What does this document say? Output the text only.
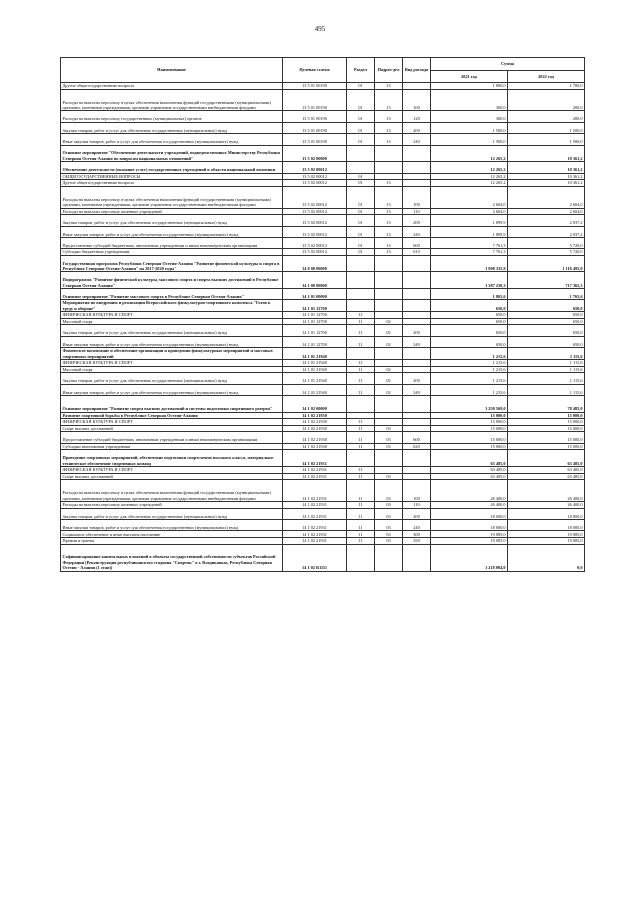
495
Наименование	Целевая статья	Раздел	Подраз-дел	Вид расхода	Сумма	
					2021 год	2022 год
Другие общегосударственные вопросы	13 5 01 00190	01	13		1 800,0	1 700,0
Расходы на выплаты персоналу в целях обеспечения выполнения функций государственными (муниципальными) органами, казенными учреждениями, органами управления государственными внебюджетными фондами	13 5 01 00190	01	13	100	300,0	200,0
Расходы на выплаты персоналу государственных (муниципальных) органов	13 5 01 00190	01	13	120	300,0	200,0
Закупка товаров, работ и услуг для обеспечения государственных (муниципальных) нужд	13 5 01 00190	01	13	200	1 500,0	1 500,0
Иные закупки товаров, работ и услуг для обеспечения государственных (муниципальных) нужд	13 5 01 00190	01	13	240	1 500,0	1 500,0
Основное мероприятие "Обеспечение деятельности учреждений, подведомственных Министерству Республики Северная Осетия-Алания по вопросам национальных отношений"	13 5 02 00000				12 265,2	10 361,2
Обеспечение деятельности (оказание услуг) государственных учреждений в области национальной политики	13 5 02 00012				12 265,2	10 361,2
ОБЩЕГОСУДАРСТВЕННЫЕ ВОПРОСЫ	13 5 02 00012	01			12 265,2	10 361,2
Другие общегосударственные вопросы	13 5 02 00012	01	13		12 265,2	10 361,2
Расходы на выплаты персоналу в целях обеспечения выполнения функций государственными (муниципальными) органами, казенными учреждениями, органами управления государственными внебюджетными фондами	13 5 02 00012	01	13	100	2 604,0	2 604,0
Расходы на выплаты персоналу казенных учреждений	13 5 02 00012	01	13	110	2 604,0	2 604,0
Закупка товаров, работ и услуг для обеспечения государственных (муниципальных) нужд	13 5 02 00012	01	13	200	1 899,9	2 037,2
Иные закупки товаров, работ и услуг для обеспечения государственных (муниципальных) нужд	13 5 02 00012	01	13	240	1 899,9	2 037,2
Предоставление субсидий бюджетным, автономным учреждениям и иным некоммерческим организациям	13 5 02 00012	01	13	600	7 761,3	5 720,0
Субсидии бюджетным учреждениям	13 5 02 00012	01	13	610	7 761,3	5 720,0
Государственная программа Республики Северная Осетия-Алания "Развитие физической культуры и спорта в Республике Северная Осетия-Алания" на 2017-2020 годы"	14 0 00 00000				1 908 335,9	1 116 495,0
Подпрограмма "Развитие физической культуры, массового спорта и спорта высших достижений в Республике Северная Осетия-Алания"	14 1 00 00000				1 387 230,3	717 365,3
Основное мероприятие "Развитие массового спорта в Республике Северная Осетия-Алания"	14 1 01 00000				1 865,6	1 765,6
Мероприятия по внедрению и реализации Всероссийского физкультурно-спортивного комплекса "Готов к труду и обороне"	14 1 01 12700				650,0	650,0
ФИЗИЧЕСКАЯ КУЛЬТУРА И СПОРТ	14 1 01 12700	11			650,0	650,0
Массовый спорт	14 1 01 12700	11	02		650,0	650,0
Закупка товаров, работ и услуг для обеспечения государственных (муниципальных) нужд	14 1 01 12700	11	02	200	650,0	650,0
Иные закупки товаров, работ и услуг для обеспечения государственных (муниципальных) нужд	14 1 01 12700	11	02	240	650,0	650,0
Физическое воспитание и обеспечение организации и проведения физкультурных мероприятий и массовых спортивных мероприятий	14 1 01 21940				1 215,6	1 115,6
ФИЗИЧЕСКАЯ КУЛЬТУРА И СПОРТ	14 1 01 21940	11			1 215,6	1 115,6
Массовый спорт	14 1 01 21940	11	02		1 215,6	1 115,6
Закупка товаров, работ и услуг для обеспечения государственных (муниципальных) нужд	14 1 01 21940	11	02	200	1 215,6	1 115,6
Иные закупки товаров, работ и услуг для обеспечения государственных (муниципальных) нужд	14 1 01 21940	11	02	240	1 215,6	1 115,6
Основное мероприятие "Развитие спорта высших достижений и системы подготовки спортивного резерва"	14 1 02 00000				1 250 569,0	78 485,0
Развитие спортивной борьбы в Республике Северная Осетия-Алания	14 1 02 21930				15 000,0	15 000,0
ФИЗИЧЕСКАЯ КУЛЬТУРА И СПОРТ	14 1 02 21930	11			15 000,0	15 000,0
Спорт высших достижений	14 1 02 21930	11	03		15 000,0	15 000,0
Предоставление субсидий бюджетным, автономным учреждениям и иным некоммерческим организациям	14 1 02 21930	11	03	600	15 000,0	15 000,0
Субсидии автономным учреждениям	14 1 02 21930	11	03	620	15 000,0	15 000,0
Проведение спортивных мероприятий, обеспечение подготовки спортсменов высокого класса, материально-техническое обеспечение спортивных команд	14 1 02 21931				63 485,0	63 485,0
ФИЗИЧЕСКАЯ КУЛЬТУРА И СПОРТ	14 1 02 21931	11			63 485,0	63 485,0
Спорт высших достижений	14 1 02 21931	11	03		63 485,0	63 485,0
Расходы на выплаты персоналу в целях обеспечения выполнения функций государственными (муниципальными) органами, казенными учреждениями, органами управления государственными внебюджетными фондами	14 1 02 21931	11	03	100	26 400,0	26 400,0
Расходы на выплаты персоналу казенных учреждений	14 1 02 21931	11	03	110	26 400,0	26 400,0
Закупка товаров, работ и услуг для обеспечения государственных (муниципальных) нужд	14 1 02 21931	11	03	200	18 000,0	18 000,0
Иные закупки товаров, работ и услуг для обеспечения государственных (муниципальных) нужд	14 1 02 21931	11	03	240	18 000,0	18 000,0
Социальное обеспечение и иные выплаты населению	14 1 02 21931	11	03	300	19 085,0	19 085,0
Премии и гранты	14 1 02 21931	11	03	350	19 085,0	19 085,0
Софинансирование капитальных вложений в объекты государственной собственности субъектов Российской Федерации (Реконструкция республиканского стадиона "Спартак" в г. Владикавказ, Республика Северная Осетия - Алания (1 этап))	14 1 02 R1111				1 218 084,0	0,0
